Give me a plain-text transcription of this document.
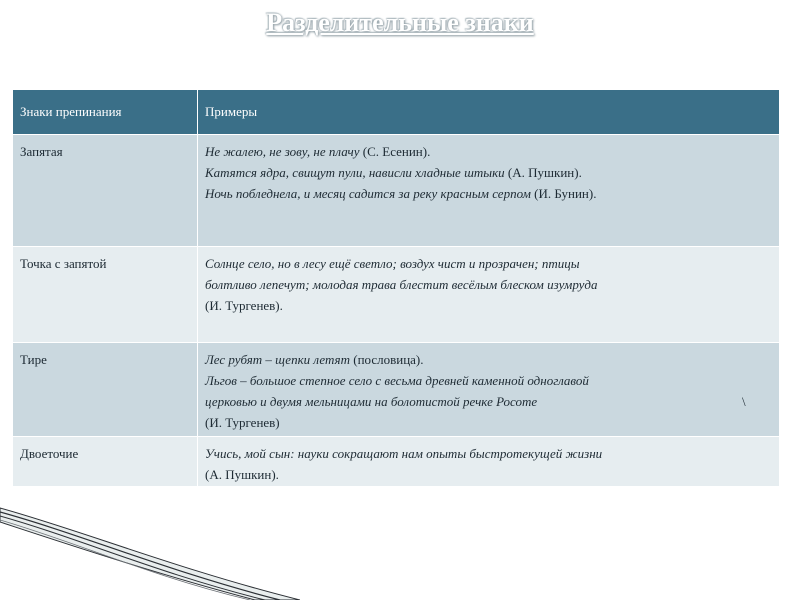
Разделительные знаки
Знаки препинания	Примеры
Запятая	Не жалею, не зову, не плачу (С. Есенин).
Катятся ядра, свищут пули, нависли хладные штыки (А. Пушкин).
Ночь побледнела, и месяц садится за реку красным серпом (И. Бунин).

Точка с запятой	Солнце село, но в лесу ещё светло; воздух чист и прозрачен; птицы
болтливо лепечут; молодая трава блестит весёлым блеском изумруда
(И. Тургенев).

Тире	Лес рубят – щепки летят (пословица).
Льгов – большое степное село с весьма древней каменной одноглавой
церковью и двумя мельницами на болотистой речке Росоте \
(И. Тургенев)

Двоеточие	Учись, мой сын: науки сокращают нам опыты быстротекущей жизни
(А. Пушкин).
